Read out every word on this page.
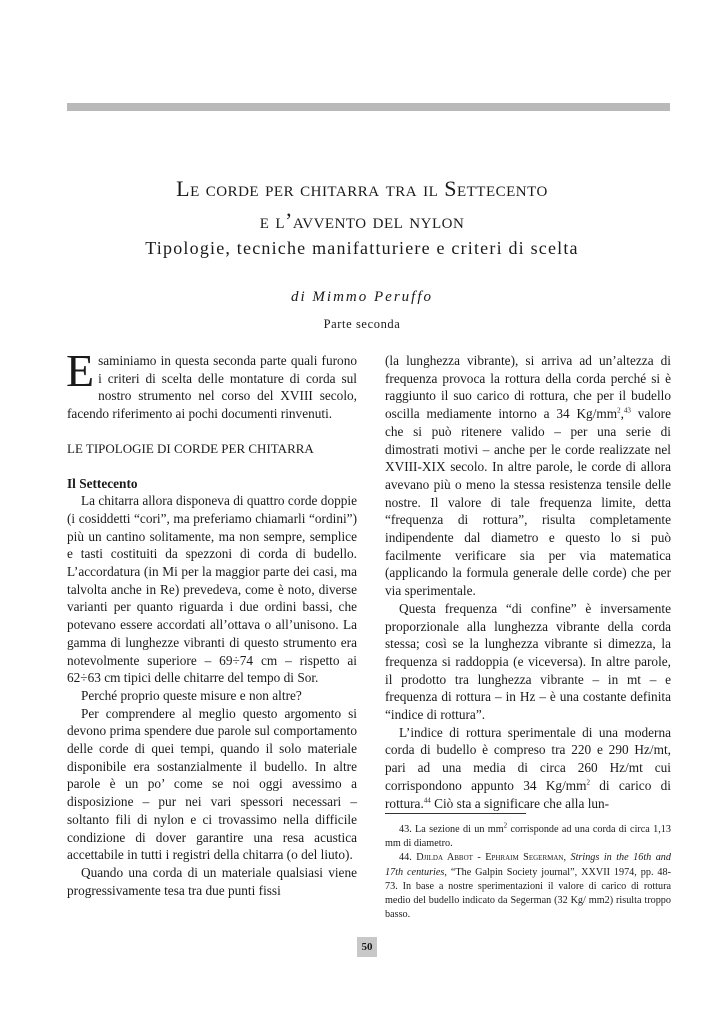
Le corde per chitarra tra il Settecento
e l’avvento del nylon
Tipologie, tecniche manifatturiere e criteri di scelta
di Mimmo Peruffo
Parte seconda

Esaminiamo in questa seconda parte quali furono i criteri di scelta delle montature di corda sul nostro strumento nel corso del XVIII secolo, facendo riferimento ai pochi documenti rinvenuti.

LE TIPOLOGIE DI CORDE PER CHITARRA

Il Settecento

La chitarra allora disponeva di quattro corde doppie (i cosiddetti “cori”, ma preferiamo chiamarli “ordini”) più un cantino solitamente, ma non sempre, semplice e tasti costituiti da spezzoni di corda di budello. L’accordatura (in Mi per la maggior parte dei casi, ma talvolta anche in Re) prevedeva, come è noto, diverse varianti per quanto riguarda i due ordini bassi, che potevano essere accordati all’ottava o all’unisono. La gamma di lunghezze vibranti di questo strumento era notevolmente superiore – 69÷74 cm – rispetto ai 62÷63 cm tipici delle chitarre del tempo di Sor.

Perché proprio queste misure e non altre?

Per comprendere al meglio questo argomento si devono prima spendere due parole sul comportamento delle corde di quei tempi, quando il solo materiale disponibile era sostanzialmente il budello. In altre parole è un po’ come se noi oggi avessimo a disposizione – pur nei vari spessori necessari – soltanto fili di nylon e ci trovassimo nella difficile condizione di dover garantire una resa acustica accettabile in tutti i registri della chitarra (o del liuto).

Quando una corda di un materiale qualsiasi viene progressivamente tesa tra due punti fissi

(la lunghezza vibrante), si arriva ad un’altezza di frequenza provoca la rottura della corda perché si è raggiunto il suo carico di rottura, che per il budello oscilla mediamente intorno a 34 $Kg/mm^2,^{43}$ valore che si può ritenere valido – per una serie di dimostrati motivi – anche per le corde realizzate nel XVIII-XIX secolo. In altre parole, le corde di allora avevano più o meno la stessa resistenza tensile delle nostre. Il valore di tale frequenza limite, detta “frequenza di rottura”, risulta completamente indipendente dal diametro e questo lo si può facilmente verificare sia per via matematica (applicando la formula generale delle corde) che per via sperimentale.

Questa frequenza “di confine” è inversamente proporzionale alla lunghezza vibrante della corda stessa; così se la lunghezza vibrante si dimezza, la frequenza si raddoppia (e viceversa). In altre parole, il prodotto tra lunghezza vibrante – in mt – e frequenza di rottura – in Hz – è una costante definita “indice di rottura”.

L’indice di rottura sperimentale di una moderna corda di budello è compreso tra 220 e 290 Hz/mt, pari ad una media di circa 260 Hz/mt cui corrispondono appunto 34 $Kg/mm^2$ di carico di rottura.$^{44}$ Ciò sta a significare che alla lun-

43. La sezione di un $mm^2$ corrisponde ad una corda di circa 1,13 mm di diametro.

44. Djilda Abbot - Ephraim Segerman, Strings in the 16th and 17th centuries, “The Galpin Society journal”, XXVII 1974, pp. 48-73. In base a nostre sperimentazioni il valore di carico di rottura medio del budello indicato da Segerman (32 Kg/ mm2) risulta troppo basso.

50
